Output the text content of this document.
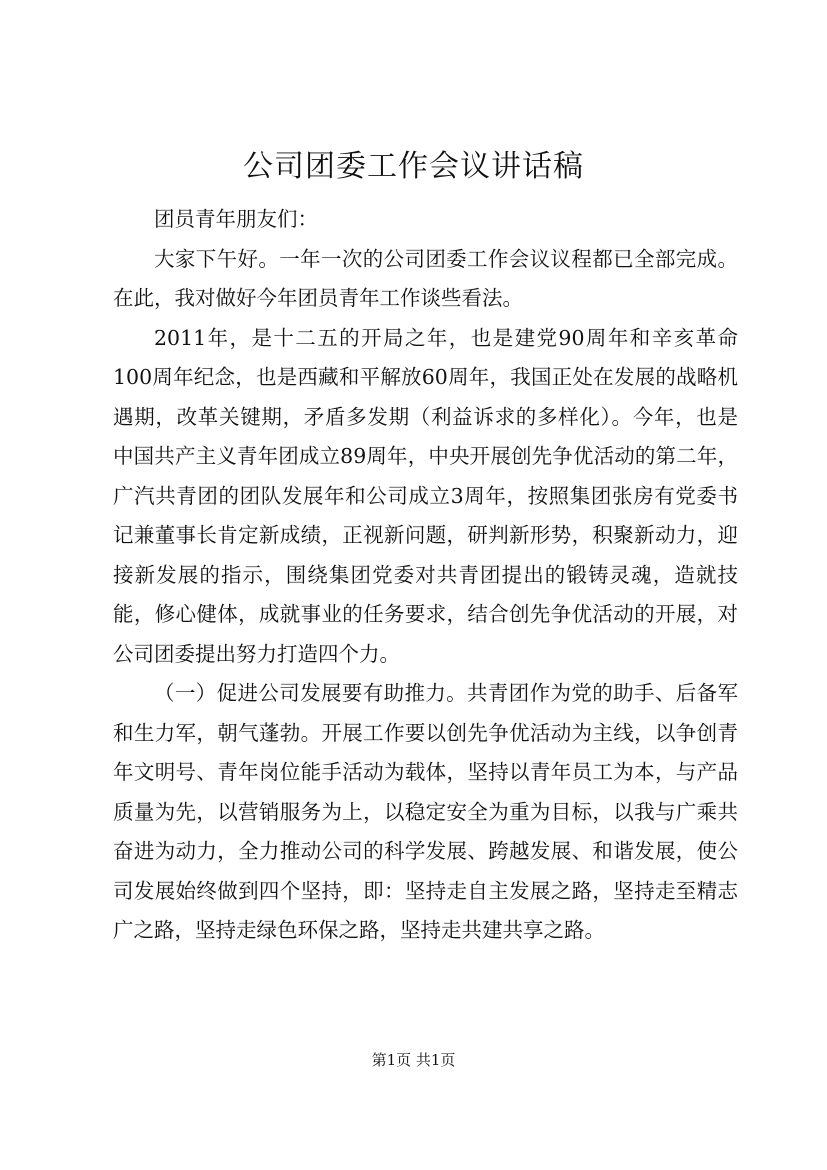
公司团委工作会议讲话稿

团员青年朋友们：

大家下午好。一年一次的公司团委工作会议议程都已全部完成。在此，我对做好今年团员青年工作谈些看法。

2011年，是十二五的开局之年，也是建党90周年和辛亥革命100周年纪念，也是西藏和平解放60周年，我国正处在发展的战略机遇期，改革关键期，矛盾多发期（利益诉求的多样化）。今年，也是中国共产主义青年团成立89周年，中央开展创先争优活动的第二年，广汽共青团的团队发展年和公司成立3周年，按照集团张房有党委书记兼董事长肯定新成绩，正视新问题，研判新形势，积聚新动力，迎接新发展的指示，围绕集团党委对共青团提出的锻铸灵魂，造就技能，修心健体，成就事业的任务要求，结合创先争优活动的开展，对公司团委提出努力打造四个力。

（一）促进公司发展要有助推力。共青团作为党的助手、后备军和生力军，朝气蓬勃。开展工作要以创先争优活动为主线，以争创青年文明号、青年岗位能手活动为载体，坚持以青年员工为本，与产品质量为先，以营销服务为上，以稳定安全为重为目标，以我与广乘共奋进为动力，全力推动公司的科学发展、跨越发展、和谐发展，使公司发展始终做到四个坚持，即：坚持走自主发展之路，坚持走至精志广之路，坚持走绿色环保之路，坚持走共建共享之路。

第1页 共1页
